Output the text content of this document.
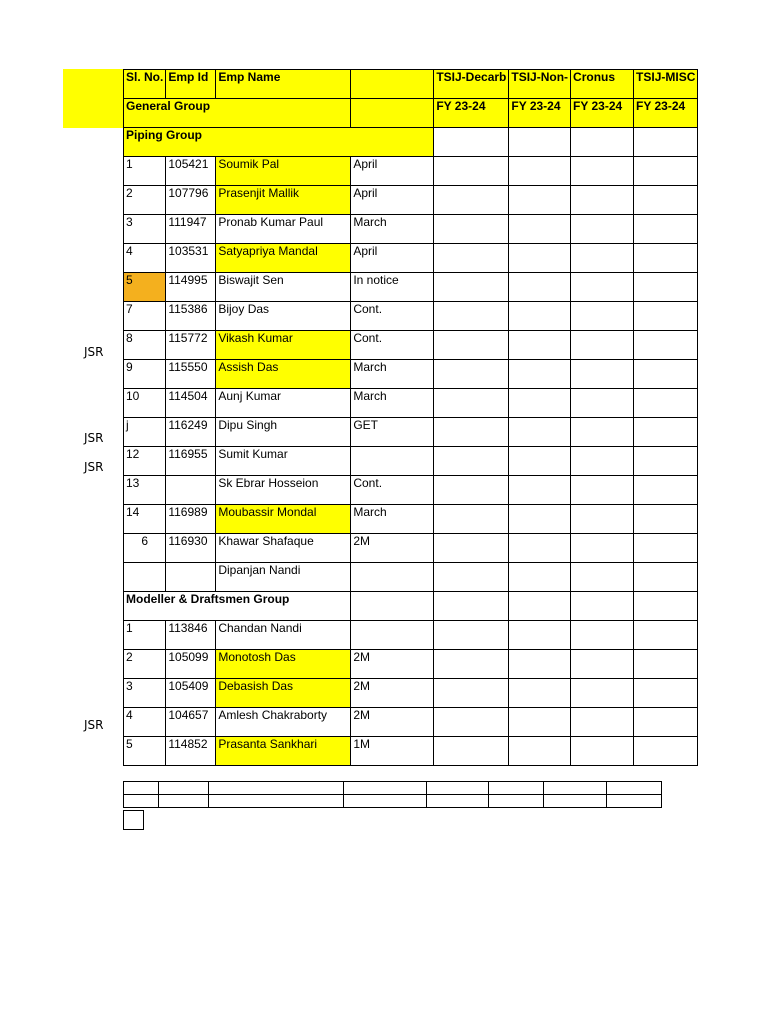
JSR
JSR
JSR
JSR
Sl. No.	Emp Id	Emp Name		TSIJ-Decarb	TSIJ-Non-	Cronus	TSIJ-MISC
General Group				FY 23-24	FY 23-24	FY 23-24	FY 23-24
Piping Group							
1	105421	Soumik Pal	April				
2	107796	Prasenjit Mallik	April				
3	111947	Pronab Kumar Paul	March				
4	103531	Satyapriya Mandal	April				
5	114995	Biswajit Sen	In notice				
7	115386	Bijoy Das	Cont.				
8	115772	Vikash Kumar	Cont.				
9	115550	Assish Das	March				
10	114504	Aunj Kumar	March				
j	116249	Dipu Singh	GET				
12	116955	Sumit Kumar					
13		Sk Ebrar Hosseion	Cont.				
14	116989	Moubassir Mondal	March				
6	116930	Khawar Shafaque	2M				
		Dipanjan Nandi					
Modeller & Draftsmen Group							
1	113846	Chandan Nandi					
2	105099	Monotosh Das	2M				
3	105409	Debasish Das	2M				
4	104657	Amlesh Chakraborty	2M				
5	114852	Prasanta Sankhari	1M				
